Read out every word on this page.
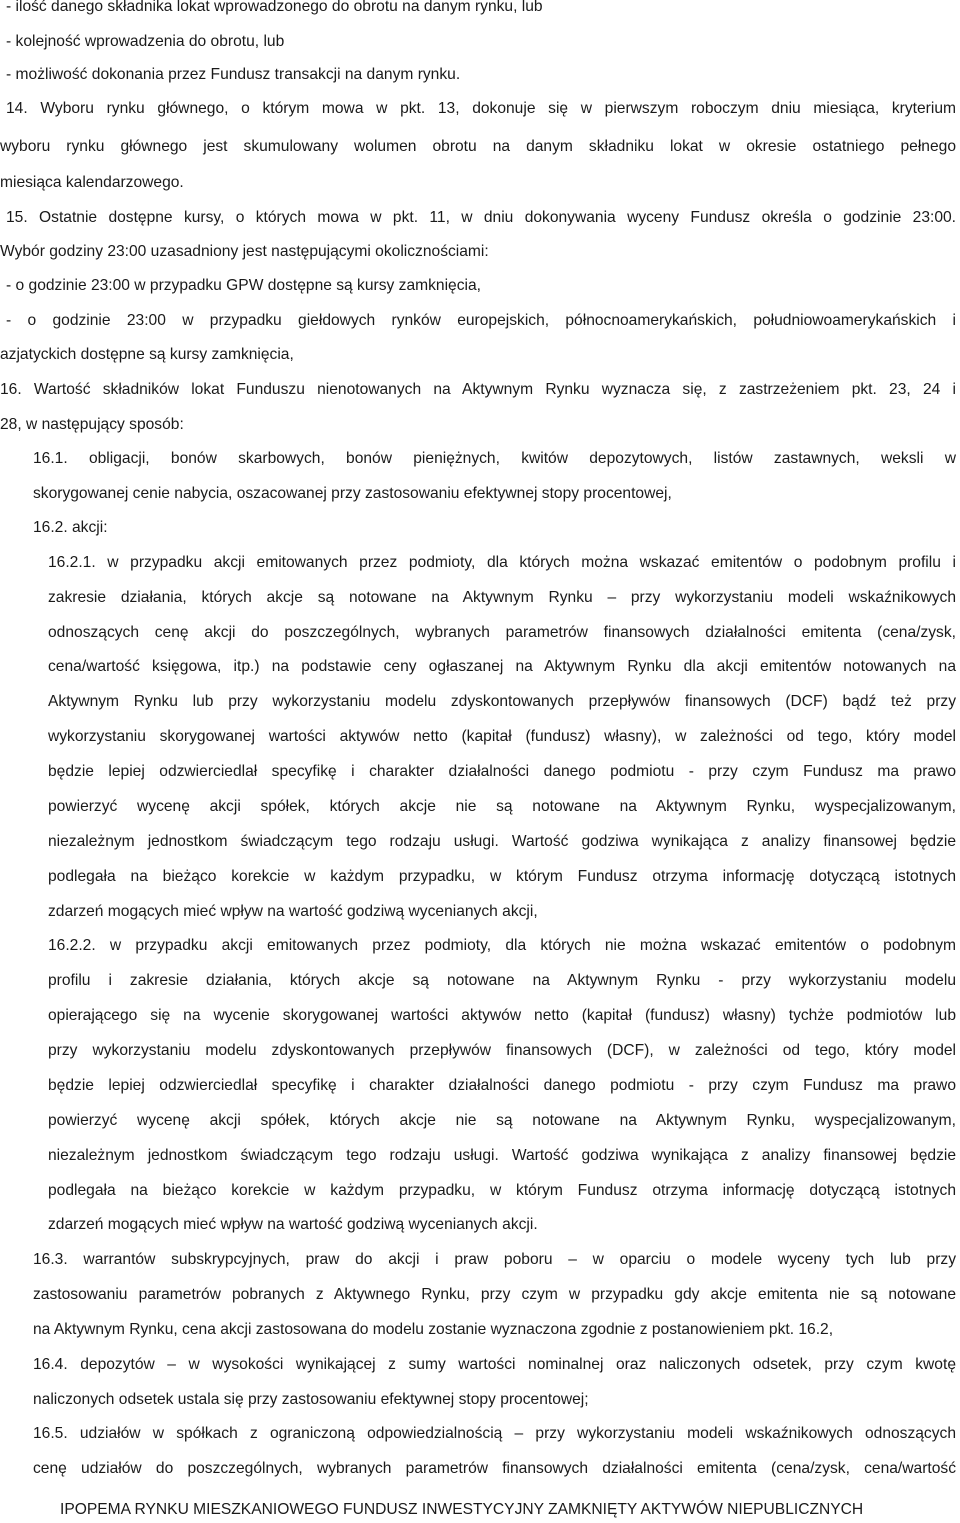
- ilość danego składnika lokat wprowadzonego do obrotu na danym rynku, lub
- kolejność wprowadzenia do obrotu, lub
- możliwość dokonania przez Fundusz transakcji na danym rynku.
14. Wyboru rynku głównego, o którym mowa w pkt. 13, dokonuje się w pierwszym roboczym dniu miesiąca, kryterium
wyboru rynku głównego jest skumulowany wolumen obrotu na danym składniku lokat w okresie ostatniego pełnego
miesiąca kalendarzowego.
15. Ostatnie dostępne kursy, o których mowa w pkt. 11, w dniu dokonywania wyceny Fundusz określa o godzinie 23:00.
Wybór godziny 23:00 uzasadniony jest następującymi okolicznościami:
- o godzinie 23:00 w przypadku GPW dostępne są kursy zamknięcia,
- o godzinie 23:00 w przypadku giełdowych rynków europejskich, północnoamerykańskich, południowoamerykańskich i
azjatyckich dostępne są kursy zamknięcia,
16. Wartość składników lokat Funduszu nienotowanych na Aktywnym Rynku wyznacza się, z zastrzeżeniem pkt. 23, 24 i
28, w następujący sposób:
16.1. obligacji, bonów skarbowych, bonów pieniężnych, kwitów depozytowych, listów zastawnych, weksli w
skorygowanej cenie nabycia, oszacowanej przy zastosowaniu efektywnej stopy procentowej,
16.2. akcji:
16.2.1. w przypadku akcji emitowanych przez podmioty, dla których można wskazać emitentów o podobnym profilu i
zakresie działania, których akcje są notowane na Aktywnym Rynku – przy wykorzystaniu modeli wskaźnikowych
odnoszących cenę akcji do poszczególnych, wybranych parametrów finansowych działalności emitenta (cena/zysk,
cena/wartość księgowa, itp.) na podstawie ceny ogłaszanej na Aktywnym Rynku dla akcji emitentów notowanych na
Aktywnym Rynku lub przy wykorzystaniu modelu zdyskontowanych przepływów finansowych (DCF) bądź też przy
wykorzystaniu skorygowanej wartości aktywów netto (kapitał (fundusz) własny), w zależności od tego, który model
będzie lepiej odzwierciedlał specyfikę i charakter działalności danego podmiotu - przy czym Fundusz ma prawo
powierzyć wycenę akcji spółek, których akcje nie są notowane na Aktywnym Rynku, wyspecjalizowanym,
niezależnym jednostkom świadczącym tego rodzaju usługi. Wartość godziwa wynikająca z analizy finansowej będzie
podlegała na bieżąco korekcie w każdym przypadku, w którym Fundusz otrzyma informację dotyczącą istotnych
zdarzeń mogących mieć wpływ na wartość godziwą wycenianych akcji,
16.2.2. w przypadku akcji emitowanych przez podmioty, dla których nie można wskazać emitentów o podobnym
profilu i zakresie działania, których akcje są notowane na Aktywnym Rynku - przy wykorzystaniu modelu
opierającego się na wycenie skorygowanej wartości aktywów netto (kapitał (fundusz) własny) tychże podmiotów lub
przy wykorzystaniu modelu zdyskontowanych przepływów finansowych (DCF), w zależności od tego, który model
będzie lepiej odzwierciedlał specyfikę i charakter działalności danego podmiotu - przy czym Fundusz ma prawo
powierzyć wycenę akcji spółek, których akcje nie są notowane na Aktywnym Rynku, wyspecjalizowanym,
niezależnym jednostkom świadczącym tego rodzaju usługi. Wartość godziwa wynikająca z analizy finansowej będzie
podlegała na bieżąco korekcie w każdym przypadku, w którym Fundusz otrzyma informację dotyczącą istotnych
zdarzeń mogących mieć wpływ na wartość godziwą wycenianych akcji.
16.3. warrantów subskrypcyjnych, praw do akcji i praw poboru – w oparciu o modele wyceny tych lub przy
zastosowaniu parametrów pobranych z Aktywnego Rynku, przy czym w przypadku gdy akcje emitenta nie są notowane
na Aktywnym Rynku, cena akcji zastosowana do modelu zostanie wyznaczona zgodnie z postanowieniem pkt. 16.2,
16.4. depozytów – w wysokości wynikającej z sumy wartości nominalnej oraz naliczonych odsetek, przy czym kwotę
naliczonych odsetek ustala się przy zastosowaniu efektywnej stopy procentowej;
16.5. udziałów w spółkach z ograniczoną odpowiedzialnością – przy wykorzystaniu modeli wskaźnikowych odnoszących
cenę udziałów do poszczególnych, wybranych parametrów finansowych działalności emitenta (cena/zysk, cena/wartość
IPOPEMA RYNKU MIESZKANIOWEGO FUNDUSZ INWESTYCYJNY ZAMKNIĘTY AKTYWÓW NIEPUBLICZNYCH
